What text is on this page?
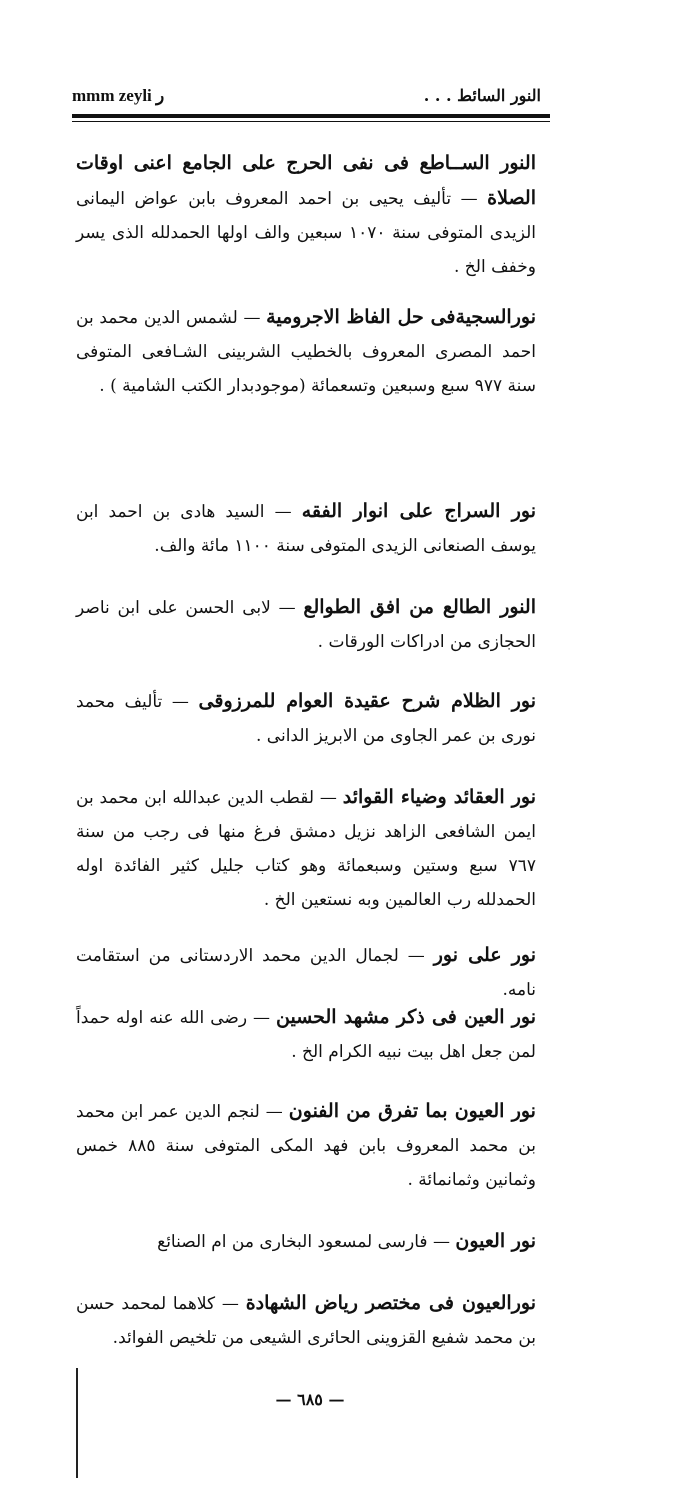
mmm zeyli ر	النور السائط . . .
النور الســاطع فى نفى الحرج على الجامع اعنى اوقات الصلاة — تأليف يحيى بن احمد المعروف بابن عواض اليمانى الزيدى المتوفى سنة ١٠٧٠ سبعين والف اولها الحمدلله الذى يسر وخفف الخ .
نورالسجيةفى حل الفاظ الاجرومية — لشمس الدين محمد بن احمد المصرى المعروف بالخطيب الشربينى الشـافعى المتوفى سنة ٩٧٧ سبع وسبعين وتسعمائة (موجودبدار الكتب الشامية ) .
نور السراج على انوار الفقه — السيد هادى بن احمد ابن يوسف الصنعانى الزيدى المتوفى سنة ١١٠٠ مائة والف.
النور الطالع من افق الطوالع — لابى الحسن على ابن ناصر الحجازى من ادراكات الورقات .
نور الظلام شرح عقيدة العوام للمرزوقى — تأليف محمد نورى بن عمر الجاوى من الابريز الدانى .
نور العقائد وضياء القوائد — لقطب الدين عبدالله ابن محمد بن ايمن الشافعى الزاهد نزيل دمشق فرغ منها فى رجب من سنة ٧٦٧ سبع وستين وسبعمائة وهو كتاب جليل كثير الفائدة اوله الحمدلله رب العالمين وبه نستعين الخ .
نور على نور — لجمال الدين محمد الاردستانى من استقامت نامه.
نور العين فى ذكر مشهد الحسين — رضى الله عنه اوله حمداً لمن جعل اهل بيت نبيه الكرام الخ .
نور العيون بما تفرق من الفنون — لنجم الدين عمر ابن محمد بن محمد المعروف بابن فهد المكى المتوفى سنة ٨٨٥ خمس وثمانين وثمانمائة .
نور العيون — فارسى لمسعود البخارى من ام الصنائع
نورالعيون فى مختصر رياض الشهادة — كلاهما لمحمد حسن بن محمد شفيع القزوينى الحائرى الشيعى من تلخيص الفوائد.
— ٦٨٥ —
